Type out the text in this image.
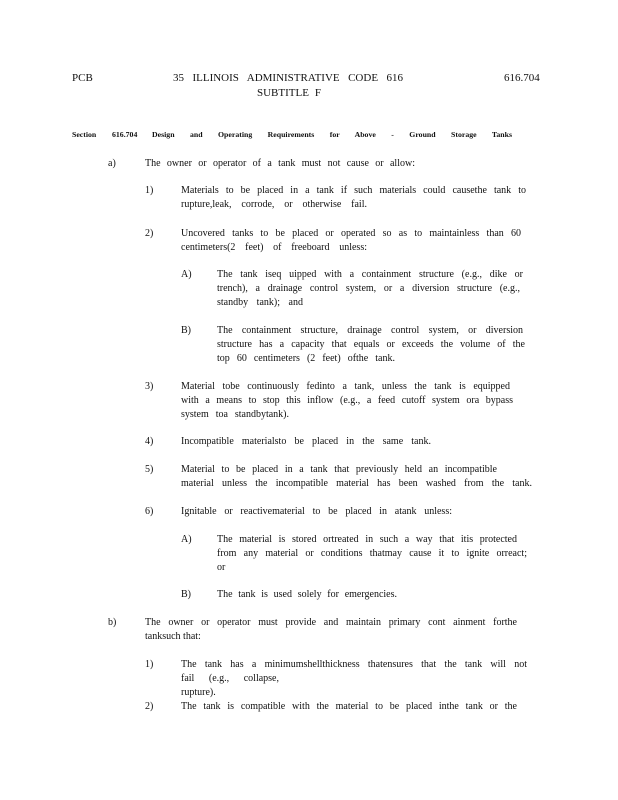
PCB	35 ILLINOIS ADMINISTRATIVE CODE 616
SUBTITLE F
616.704
Section 616.704 Design and Operating Requirements for Above - Ground Storage Tanks
a)	The owner or operator of a tank must not cause or allow:
1)	Materials to be placed in a tank if such materials could causethe tank to
rupture,leak, corrode, or otherwise fail.
2)	Uncovered tanks to be placed or operated so as to maintainless than 60
centimeters(2 feet) of freeboard unless:
A)	The tank iseq uipped with a containment structure (e.g., dike or
trench), a drainage control system, or a diversion structure (e.g.,
standby tank); and
B)	The containment structure, drainage control system, or diversion
structure has a capacity that equals or exceeds the volume of the
top 60 centimeters (2 feet) ofthe tank.
3)	Material tobe continuously fedinto a tank, unless the tank is equipped
with a means to stop this inflow (e.g., a feed cutoff system ora bypass
system toa standbytank).
4)	Incompatible materialsto be placed in the same tank.
5)	Material to be placed in a tank that previously held an incompatible
material unless the incompatible material has been washed from the tank.
6)	Ignitable or reactivematerial to be placed in atank unless:
A)	The material is stored ortreated in such a way that itis protected
from any material or conditions thatmay cause it to ignite orreact;
or
B)	The tank is used solely for emergencies.
b)	The owner or operator must provide and maintain primary cont ainment forthe
tanksuch that:
1)	The tank has a minimumshellthickness thatensures that the tank will not
fail (e.g., collapse, rupture).
2)	The tank is compatible with the material to be placed inthe tank or the
